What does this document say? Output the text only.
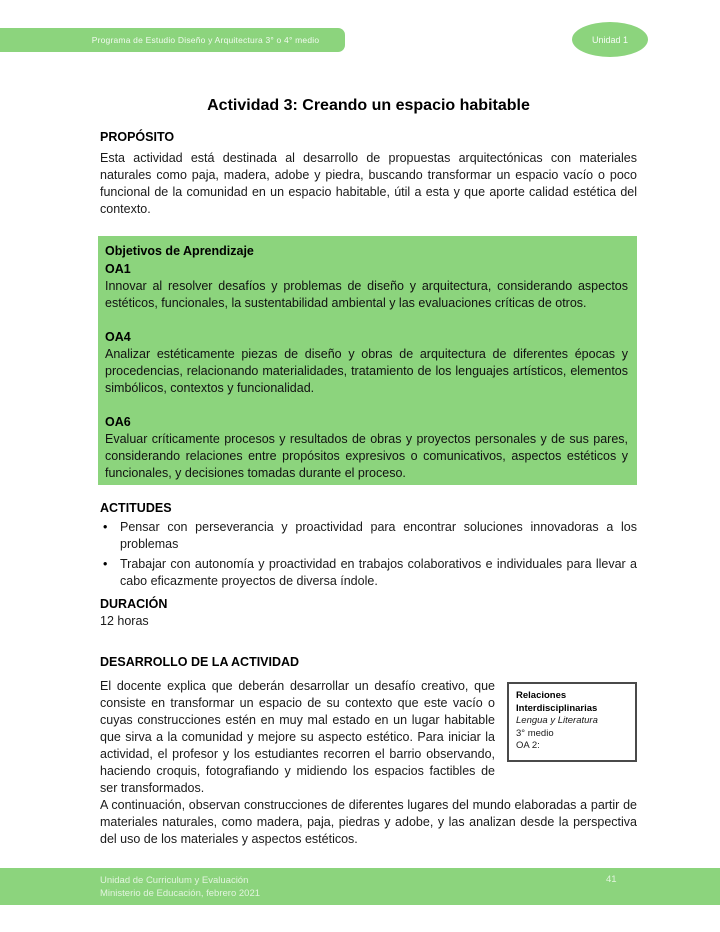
Programa de Estudio Diseño y Arquitectura 3° o 4° medio	Unidad 1
Actividad 3: Creando un espacio habitable
PROPÓSITO
Esta actividad está destinada al desarrollo de propuestas arquitectónicas con materiales naturales como paja, madera, adobe y piedra, buscando transformar un espacio vacío o poco funcional de la comunidad en un espacio habitable, útil a esta y que aporte calidad estética del contexto.
Objetivos de Aprendizaje
OA1
Innovar al resolver desafíos y problemas de diseño y arquitectura, considerando aspectos estéticos, funcionales, la sustentabilidad ambiental y las evaluaciones críticas de otros.
OA4
Analizar estéticamente piezas de diseño y obras de arquitectura de diferentes épocas y procedencias, relacionando materialidades, tratamiento de los lenguajes artísticos, elementos simbólicos, contextos y funcionalidad.
OA6
Evaluar críticamente procesos y resultados de obras y proyectos personales y de sus pares, considerando relaciones entre propósitos expresivos o comunicativos, aspectos estéticos y funcionales, y decisiones tomadas durante el proceso.
ACTITUDES
• Pensar con perseverancia y proactividad para encontrar soluciones innovadoras a los problemas
• Trabajar con autonomía y proactividad en trabajos colaborativos e individuales para llevar a cabo eficazmente proyectos de diversa índole.
DURACIÓN
12 horas
DESARROLLO DE LA ACTIVIDAD
Relaciones Interdisciplinarias
Lengua y Literatura
3° medio
OA 2:
El docente explica que deberán desarrollar un desafío creativo, que consiste en transformar un espacio de su contexto que este vacío o cuyas construcciones estén en muy mal estado en un lugar habitable que sirva a la comunidad y mejore su aspecto estético. Para iniciar la actividad, el profesor y los estudiantes recorren el barrio observando, haciendo croquis, fotografiando y midiendo los espacios factibles de ser transformados.
A continuación, observan construcciones de diferentes lugares del mundo elaboradas a partir de materiales naturales, como madera, paja, piedras y adobe, y las analizan desde la perspectiva del uso de los materiales y aspectos estéticos.
Unidad de Curriculum y Evaluación
Ministerio de Educación, febrero 2021
41
